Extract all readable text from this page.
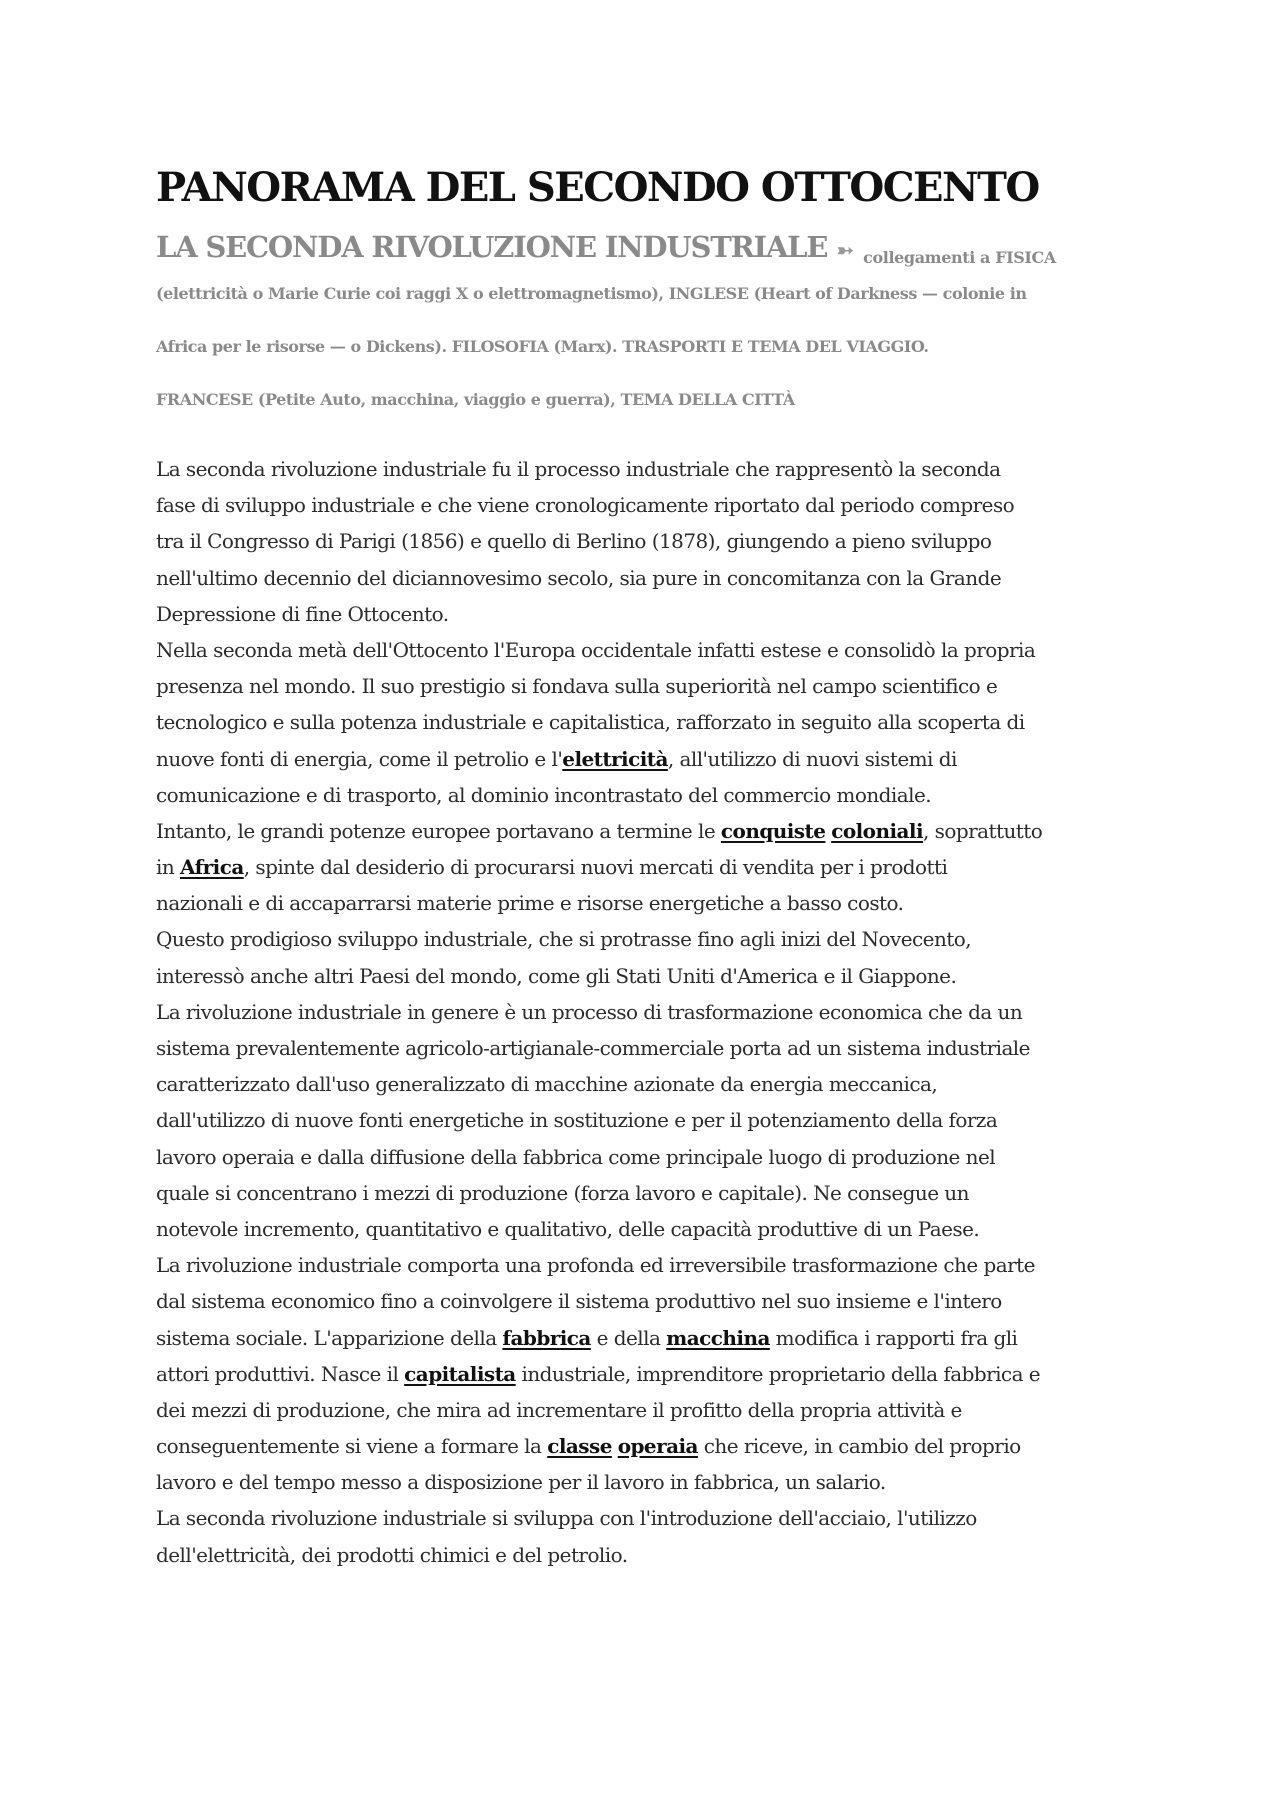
PANORAMA DEL SECONDO OTTOCENTO
LA SECONDA RIVOLUZIONE INDUSTRIALE ➳ collegamenti a FISICA

(elettricità o Marie Curie coi raggi X o elettromagnetismo), INGLESE (Heart of Darkness — colonie in

Africa per le risorse — o Dickens). FILOSOFIA (Marx). TRASPORTI E TEMA DEL VIAGGIO.

FRANCESE (Petite Auto, macchina, viaggio e guerra), TEMA DELLA CITTÀ

La seconda rivoluzione industriale fu il processo industriale che rappresentò la seconda
fase di sviluppo industriale e che viene cronologicamente riportato dal periodo compreso
tra il Congresso di Parigi (1856) e quello di Berlino (1878), giungendo a pieno sviluppo
nell'ultimo decennio del diciannovesimo secolo, sia pure in concomitanza con la Grande
Depressione di fine Ottocento.
Nella seconda metà dell'Ottocento l'Europa occidentale infatti estese e consolidò la propria
presenza nel mondo. Il suo prestigio si fondava sulla superiorità nel campo scientifico e
tecnologico e sulla potenza industriale e capitalistica, rafforzato in seguito alla scoperta di
nuove fonti di energia, come il petrolio e l'elettricità, all'utilizzo di nuovi sistemi di
comunicazione e di trasporto, al dominio incontrastato del commercio mondiale.
Intanto, le grandi potenze europee portavano a termine le conquiste coloniali, soprattutto
in Africa, spinte dal desiderio di procurarsi nuovi mercati di vendita per i prodotti
nazionali e di accaparrarsi materie prime e risorse energetiche a basso costo.
Questo prodigioso sviluppo industriale, che si protrasse fino agli inizi del Novecento,
interessò anche altri Paesi del mondo, come gli Stati Uniti d'America e il Giappone.
La rivoluzione industriale in genere è un processo di trasformazione economica che da un
sistema prevalentemente agricolo-artigianale-commerciale porta ad un sistema industriale
caratterizzato dall'uso generalizzato di macchine azionate da energia meccanica,
dall'utilizzo di nuove fonti energetiche in sostituzione e per il potenziamento della forza
lavoro operaia e dalla diffusione della fabbrica come principale luogo di produzione nel
quale si concentrano i mezzi di produzione (forza lavoro e capitale). Ne consegue un
notevole incremento, quantitativo e qualitativo, delle capacità produttive di un Paese.
La rivoluzione industriale comporta una profonda ed irreversibile trasformazione che parte
dal sistema economico fino a coinvolgere il sistema produttivo nel suo insieme e l'intero
sistema sociale. L'apparizione della fabbrica e della macchina modifica i rapporti fra gli
attori produttivi. Nasce il capitalista industriale, imprenditore proprietario della fabbrica e
dei mezzi di produzione, che mira ad incrementare il profitto della propria attività e
conseguentemente si viene a formare la classe operaia che riceve, in cambio del proprio
lavoro e del tempo messo a disposizione per il lavoro in fabbrica, un salario.
La seconda rivoluzione industriale si sviluppa con l'introduzione dell'acciaio, l'utilizzo
dell'elettricità, dei prodotti chimici e del petrolio.
